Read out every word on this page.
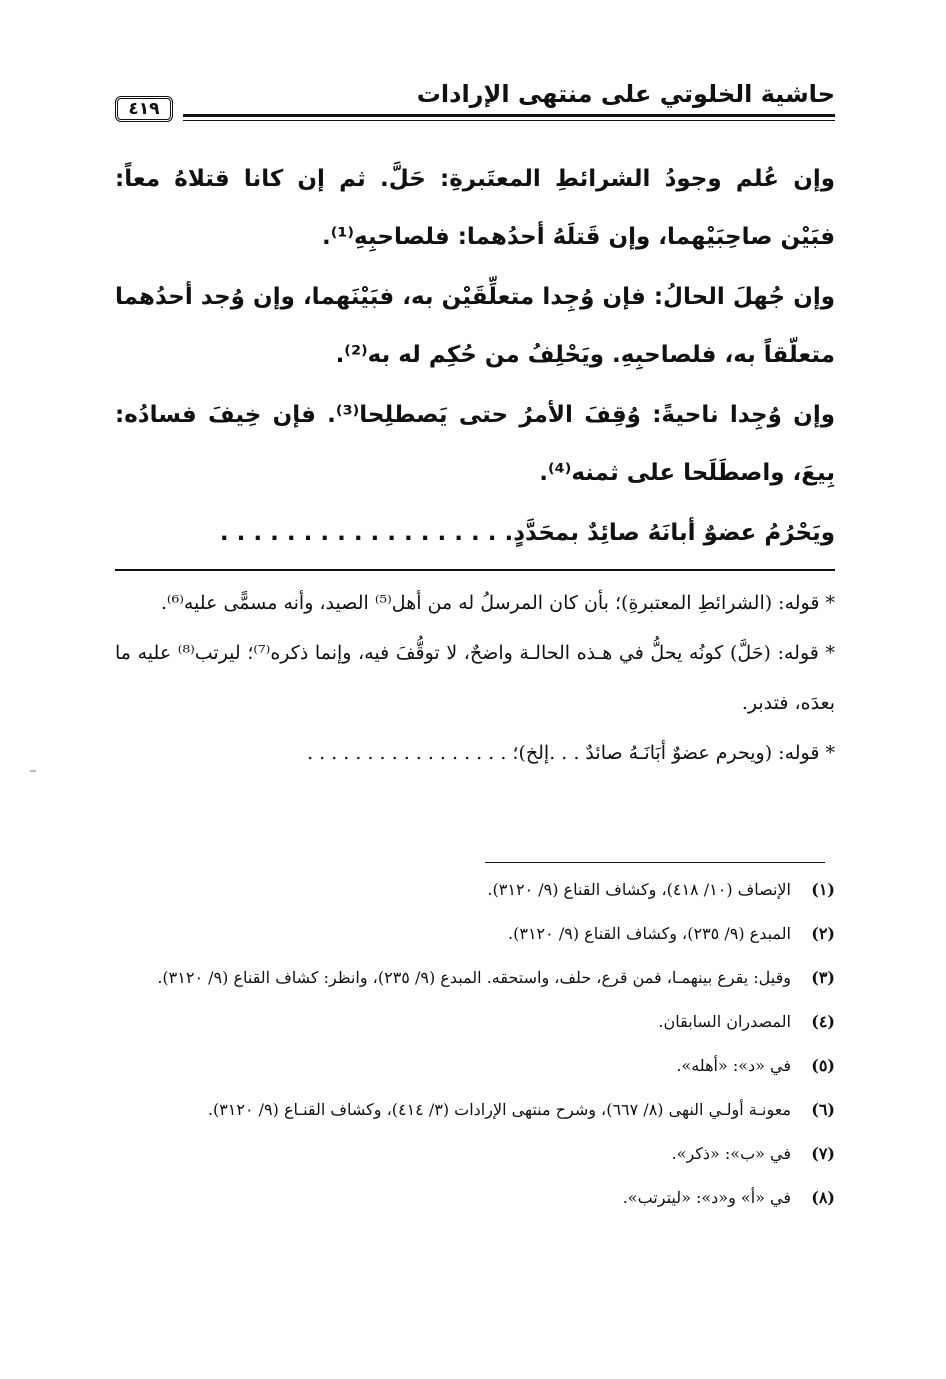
حاشية الخلوتي على منتهى الإرادات
٤١٩

وإن عُلم وجودُ الشرائطِ المعتَبرةِ: حَلَّ. ثم إن كانا قتلاهُ معاً: فبَيْن صاحِبَيْهما، وإن قَتلَهُ أحدُهما: فلصاحبِهِ⁽¹⁾.

وإن جُهلَ الحالُ: فإن وُجِدا متعلِّقَيْن به، فبَيْنَهما، وإن وُجد أحدُهما متعلّقاً به، فلصاحبِهِ. ويَحْلِفُ من حُكِم له به⁽²⁾.

وإن وُجِدا ناحيةً: وُقِفَ الأمرُ حتى يَصطلِحا⁽³⁾. فإن خِيفَ فسادُه: بِيعَ، واصطَلَحا على ثمنه⁽⁴⁾.

ويَحْرُمُ عضوٌ أبانَهُ صائِدٌ بمحَدَّدٍ. . . . . . . . . . . . . . . . . .

* قوله: (الشرائطِ المعتبرةِ)؛ بأن كان المرسلُ له من أهل⁽⁵⁾ الصيد، وأنه مسمًّى عليه⁽⁶⁾.

* قوله: (حَلَّ) كونُه يحلُّ في هـذه الحالـة واضحٌ، لا توقُّفَ فيه، وإنما ذكره⁽⁷⁾؛ ليرتب⁽⁸⁾ عليه ما بعدَه، فتدبر.

* قوله: (ويحرم عضوٌ أبَانَـهُ صائدٌ . . .إلخ)؛ . . . . . . . . . . . . . . . . .

(١)
الإنصاف (١٠/ ٤١٨)، وكشاف القناع (٩/ ٣١٢٠).
(٢)
المبدع (٩/ ٢٣٥)، وكشاف القناع (٩/ ٣١٢٠).
(٣)
وقيل: يقرع بينهمـا، فمن قرع، حلف، واستحقه. المبدع (٩/ ٢٣٥)، وانظر: كشاف القناع (٩/ ٣١٢٠).
(٤)
المصدران السابقان.
(٥)
في «د»: «أهله».
(٦)
معونـة أولـي النهى (٨/ ٦٦٧)، وشرح منتهى الإرادات (٣/ ٤١٤)، وكشاف القنـاع (٩/ ٣١٢٠).
(٧)
في «ب»: «ذكر».
(٨)
في «أ» و«د»: «ليترتب».
